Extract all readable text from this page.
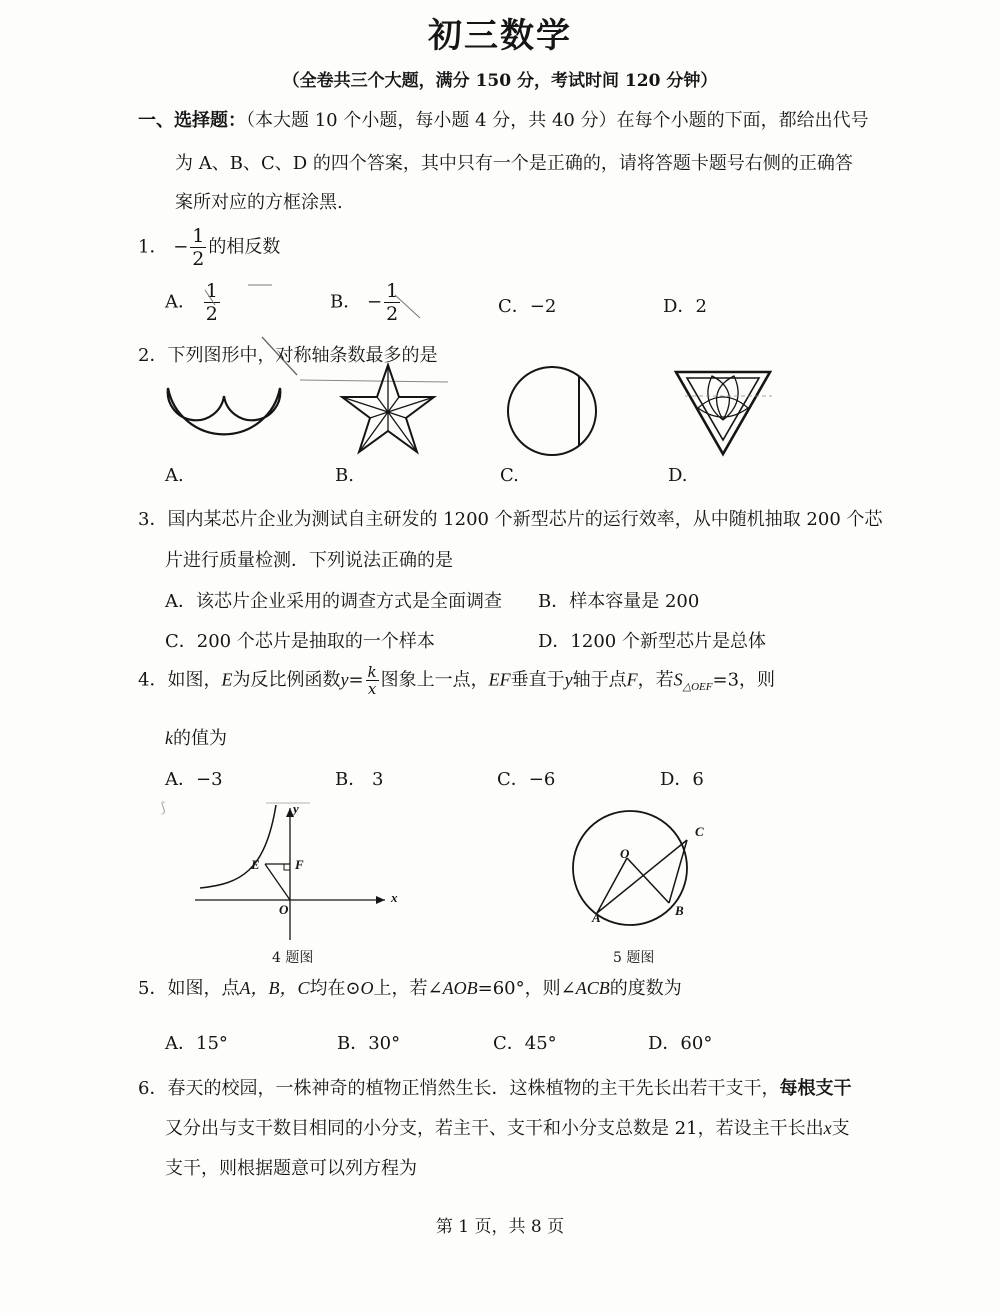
初三数学
（全卷共三个大题，满分 150 分，考试时间 120 分钟）
一、选择题：（本大题 10 个小题，每小题 4 分，共 40 分）在每个小题的下面，都给出代号
为 A、B、C、D 的四个答案，其中只有一个是正确的，请将答题卡题号右侧的正确答
案所对应的方框涂黑.
1． − $\frac{1}{2}$ 的相反数
A． $\frac{1}{2}$	B． − $\frac{1}{2}$	C．−2	D．2
2．下列图形中，对称轴条数最多的是
A.	B.	C.	D.
3．国内某芯片企业为测试自主研发的 1200 个新型芯片的运行效率，从中随机抽取 200 个芯
片进行质量检测．下列说法正确的是
A．该芯片企业采用的调查方式是全面调查 B．样本容量是 200
C．200 个芯片是抽取的一个样本	D．1200 个新型芯片是总体
4．如图，E为反比例函数$y= \frac{k}{x}$ 图象上一点，EF垂直于y轴于点F，若$S_{\triangle OEF}=3$，则
k的值为
A．−3	B． 3	C．−6	D．6
y
x
O
E	F
4 题图
⟆
O
A	B
C
5 题图
5．如图，点A，B，C均在⊙O上，若∠AOB=60°，则∠ACB的度数为
A．15°	B．30°	C．45°	D．60°
6．春天的校园，一株神奇的植物正悄然生长．这株植物的主干先长出若干支干，每根支干
又分出与支干数目相同的小分支，若主干、支干和小分支总数是 21，若设主干长出x支
支干，则根据题意可以列方程为
第 1 页，共 8 页
